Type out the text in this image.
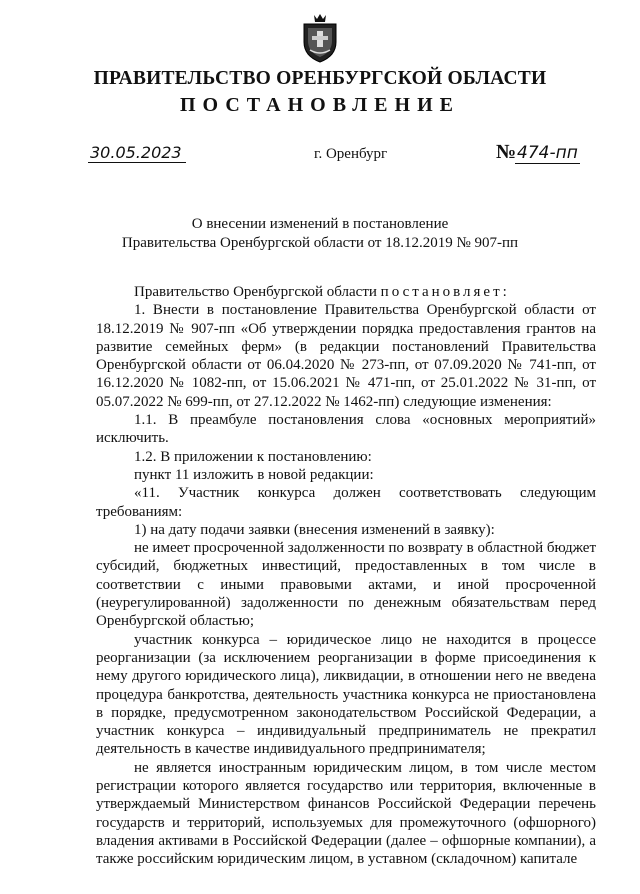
ПРАВИТЕЛЬСТВО ОРЕНБУРГСКОЙ ОБЛАСТИ
ПОСТАНОВЛЕНИЕ
30.05.2023	г. Оренбург	№ 474-пп
О внесении изменений в постановление
Правительства Оренбургской области от 18.12.2019 № 907-пп

Правительство Оренбургской области постановляет:

1. Внести в постановление Правительства Оренбургской области от 18.12.2019 № 907-пп «Об утверждении порядка предоставления грантов на развитие семейных ферм» (в редакции постановлений Правительства Оренбургской области от 06.04.2020 № 273-пп, от 07.09.2020 № 741-пп, от 16.12.2020 № 1082-пп, от 15.06.2021 № 471-пп, от 25.01.2022 № 31-пп, от 05.07.2022 № 699-пп, от 27.12.2022 № 1462-пп) следующие изменения:

1.1. В преамбуле постановления слова «основных мероприятий» исключить.

1.2. В приложении к постановлению:

пункт 11 изложить в новой редакции:

«11. Участник конкурса должен соответствовать следующим требованиям:

1) на дату подачи заявки (внесения изменений в заявку):

не имеет просроченной задолженности по возврату в областной бюджет субсидий, бюджетных инвестиций, предоставленных в том числе в соответствии с иными правовыми актами, и иной просроченной (неурегулированной) задолженности по денежным обязательствам перед Оренбургской областью;

участник конкурса – юридическое лицо не находится в процессе реорганизации (за исключением реорганизации в форме присоединения к нему другого юридического лица), ликвидации, в отношении него не введена процедура банкротства, деятельность участника конкурса не приостановлена в порядке, предусмотренном законодательством Российской Федерации, а участник конкурса – индивидуальный предприниматель не прекратил деятельность в качестве индивидуального предпринимателя;

не является иностранным юридическим лицом, в том числе местом регистрации которого является государство или территория, включенные в утверждаемый Министерством финансов Российской Федерации перечень государств и территорий, используемых для промежуточного (офшорного) владения активами в Российской Федерации (далее – офшорные компании), а также российским юридическим лицом, в уставном (складочном) капитале
